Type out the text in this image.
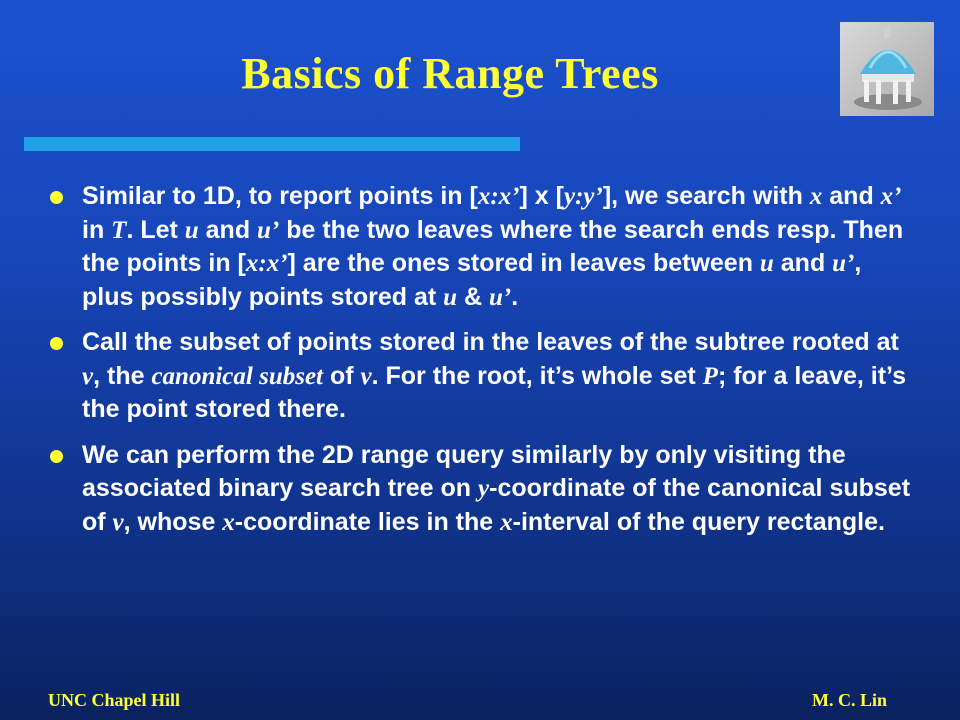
Basics of Range Trees
Similar to 1D, to report points in [x:x’] x [y:y’], we search with x and x’ in T. Let u and u’ be the two leaves where the search ends resp. Then the points in [x:x’] are the ones stored in leaves between u and u’, plus possibly points stored at u & u’.
Call the subset of points stored in the leaves of the subtree rooted at v, the canonical subset of v. For the root, it’s whole set P; for a leave, it’s the point stored there.
We can perform the 2D range query similarly by only visiting the associated binary search tree on y-coordinate of the canonical subset of v, whose x-coordinate lies in the x-interval of the query rectangle.
UNC Chapel Hill	M. C. Lin
